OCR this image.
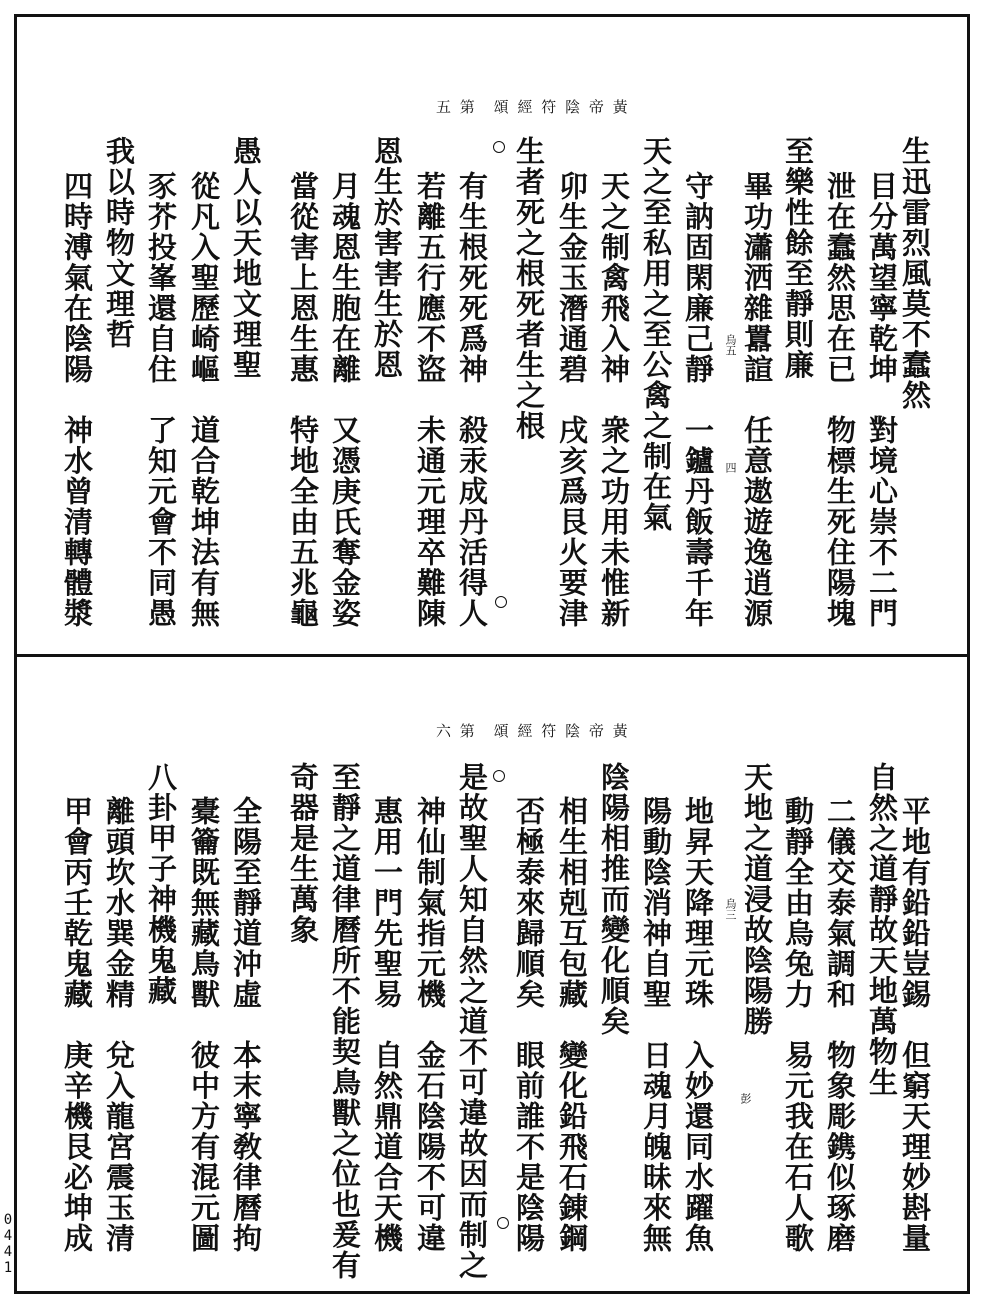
五 第　頌 經 符 陰 帝 黃
生迅雷烈風莫不蠢然
目分萬望寧乾坤　對境心崇不二門
泄在蠢然思在已　物標生死住陽塊
至樂性餘至靜則廉
畢功瀟洒雜囂諠　任意遨遊逸逍源
守訥固閑廉己靜　一鑪丹飯壽千年
天之至私用之至公禽之制在氣
天之制禽飛入神　衆之功用未惟新
卯生金玉潛通碧　戌亥爲艮火要津
生者死之根死者生之根
有生根死死爲神　殺汞成丹活得人
若離五行應不盜　未通元理卒難陳
恩生於害害生於恩
月魂恩生胞在離　又憑庚氏奪金姿
當從害上恩生惠　特地全由五兆龜
愚人以天地文理聖
從凡入聖歷崎嶇　道合乾坤法有無
豕芥投峯還自住　了知元會不同愚
我以時物文理哲
四時溥氣在陰陽　神水曾清轉體漿	烏五
四
六 第　頌 經 符 陰 帝 黃
平地有鉛鉛豈錫　但窮天理妙斟量
自然之道靜故天地萬物生
二儀交泰氣調和　物象彫鎸似琢磨
動靜全由烏兔力　易元我在石人歌
天地之道浸故陰陽勝
地昇天降理元珠　入妙還同水躍魚
陽動陰消神自聖　日魂月魄昧來無
陰陽相推而變化順矣
相生相剋互包藏　變化鉛飛石錬鋼
否極泰來歸順矣　眼前誰不是陰陽
是故聖人知自然之道不可違故因而制之
神仙制氣指元機　金石陰陽不可違
惠用一門先聖易　自然鼎道合天機
至靜之道律曆所不能契鳥獸之位也爰有
奇器是生萬象
全陽至靜道沖虛　本末寧敎律曆拘
橐籥既無藏鳥獸　彼中方有混元圖
八卦甲子神機鬼藏
離頭坎水巽金精　兌入龍宮震玉清
甲會丙壬乾鬼藏　庚辛機艮必坤成	烏三
彭
0441
